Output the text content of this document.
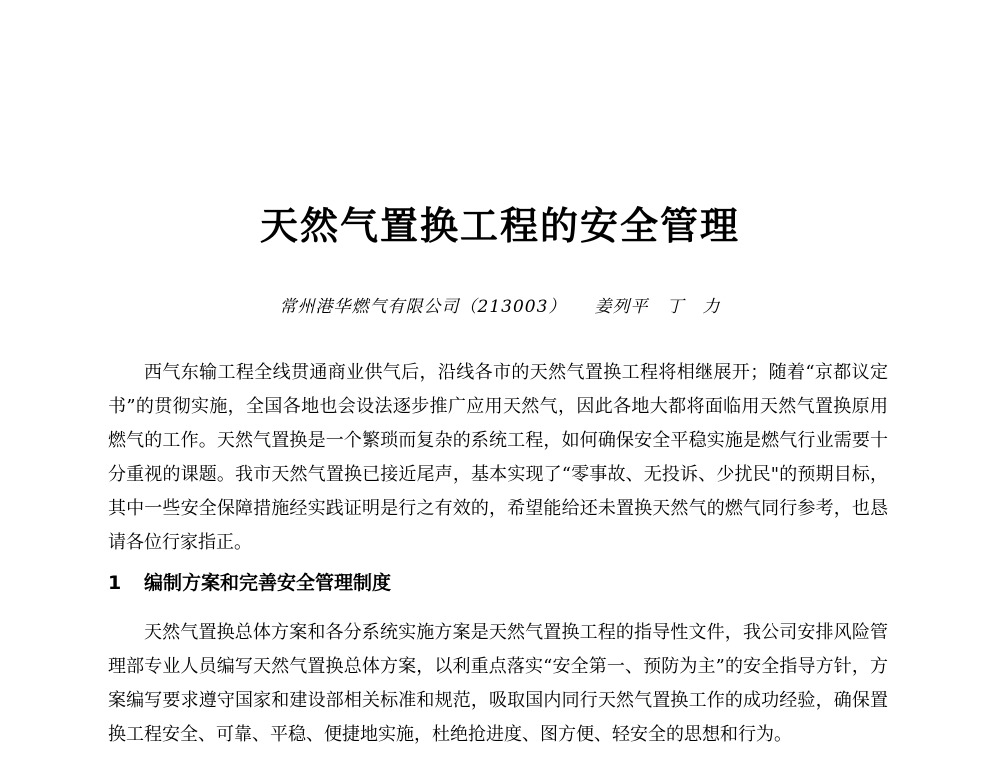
天然气置换工程的安全管理
常州港华燃气有限公司（213003） 姜列平 丁　力

西气东输工程全线贯通商业供气后，沿线各市的天然气置换工程将相继展开；随着“京都议定书”的贯彻实施，全国各地也会设法逐步推广应用天然气，因此各地大都将面临用天然气置换原用燃气的工作。天然气置换是一个繁琐而复杂的系统工程，如何确保安全平稳实施是燃气行业需要十分重视的课题。我市天然气置换已接近尾声，基本实现了“零事故、无投诉、少扰民"的预期目标，其中一些安全保障措施经实践证明是行之有效的，希望能给还未置换天然气的燃气同行参考，也恳请各位行家指正。

1 编制方案和完善安全管理制度

天然气置换总体方案和各分系统实施方案是天然气置换工程的指导性文件，我公司安排风险管理部专业人员编写天然气置换总体方案，以利重点落实“安全第一、预防为主”的安全指导方针，方案编写要求遵守国家和建设部相关标准和规范，吸取国内同行天然气置换工作的成功经验，确保置换工程安全、可靠、平稳、便捷地实施，杜绝抢进度、图方便、轻安全的思想和行为。
